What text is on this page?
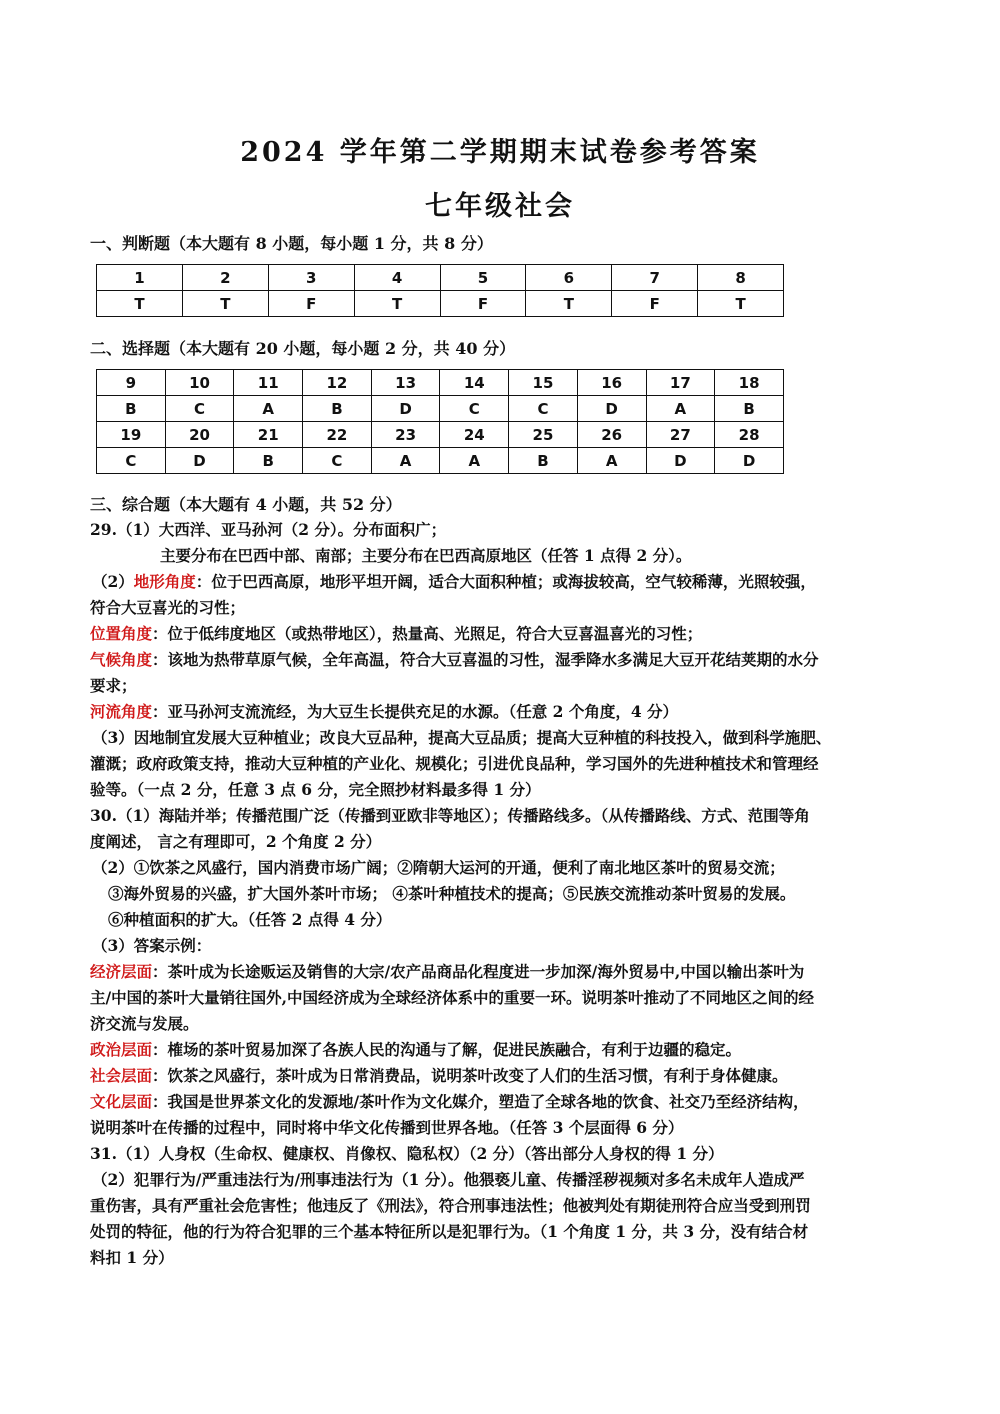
2024 学年第二学期期末试卷参考答案
七年级社会
一、判断题（本大题有 8 小题，每小题 1 分，共 8 分）
1	2	3	4	5	6	7	8
T	T	F	T	F	T	F	T
二、选择题（本大题有 20 小题，每小题 2 分，共 40 分）
9	10	11	12	13	14	15	16	17	18
B	C	A	B	D	C	C	D	A	B
19	20	21	22	23	24	25	26	27	28
C	D	B	C	A	A	B	A	D	D
三、综合题（本大题有 4 小题，共 52 分）
29.（1）大西洋、亚马孙河（2 分）。分布面积广；
主要分布在巴西中部、南部；主要分布在巴西高原地区（任答 1 点得 2 分）。
（2）地形角度：位于巴西高原，地形平坦开阔，适合大面积种植；或海拔较高，空气较稀薄，光照较强，
符合大豆喜光的习性；
位置角度：位于低纬度地区（或热带地区），热量高、光照足，符合大豆喜温喜光的习性；
气候角度：该地为热带草原气候，全年高温，符合大豆喜温的习性，湿季降水多满足大豆开花结荚期的水分
要求；
河流角度：亚马孙河支流流经，为大豆生长提供充足的水源。（任意 2 个角度，4 分）
（3）因地制宜发展大豆种植业；改良大豆品种，提高大豆品质；提高大豆种植的科技投入，做到科学施肥、
灌溉；政府政策支持，推动大豆种植的产业化、规模化；引进优良品种，学习国外的先进种植技术和管理经
验等。（一点 2 分，任意 3 点 6 分，完全照抄材料最多得 1 分）
30.（1）海陆并举；传播范围广泛（传播到亚欧非等地区）；传播路线多。（从传播路线、方式、范围等角
度阐述， 言之有理即可，2 个角度 2 分）
（2）①饮茶之风盛行，国内消费市场广阔；②隋朝大运河的开通，便利了南北地区茶叶的贸易交流；
③海外贸易的兴盛，扩大国外茶叶市场； ④茶叶种植技术的提高；⑤民族交流推动茶叶贸易的发展。
⑥种植面积的扩大。（任答 2 点得 4 分）
（3）答案示例：
经济层面：茶叶成为长途贩运及销售的大宗/农产品商品化程度进一步加深/海外贸易中,中国以输出茶叶为
主/中国的茶叶大量销往国外,中国经济成为全球经济体系中的重要一环。说明茶叶推动了不同地区之间的经
济交流与发展。
政治层面：榷场的茶叶贸易加深了各族人民的沟通与了解，促进民族融合，有利于边疆的稳定。
社会层面：饮茶之风盛行，茶叶成为日常消费品，说明茶叶改变了人们的生活习惯，有利于身体健康。
文化层面：我国是世界茶文化的发源地/茶叶作为文化媒介，塑造了全球各地的饮食、社交乃至经济结构，
说明茶叶在传播的过程中，同时将中华文化传播到世界各地。（任答 3 个层面得 6 分）
31.（1）人身权（生命权、健康权、肖像权、隐私权）（2 分）（答出部分人身权的得 1 分）
（2）犯罪行为/严重违法行为/刑事违法行为（1 分）。他猥亵儿童、传播淫秽视频对多名未成年人造成严
重伤害，具有严重社会危害性；他违反了《刑法》，符合刑事违法性；他被判处有期徒刑符合应当受到刑罚
处罚的特征，他的行为符合犯罪的三个基本特征所以是犯罪行为。（1 个角度 1 分，共 3 分，没有结合材
料扣 1 分）
